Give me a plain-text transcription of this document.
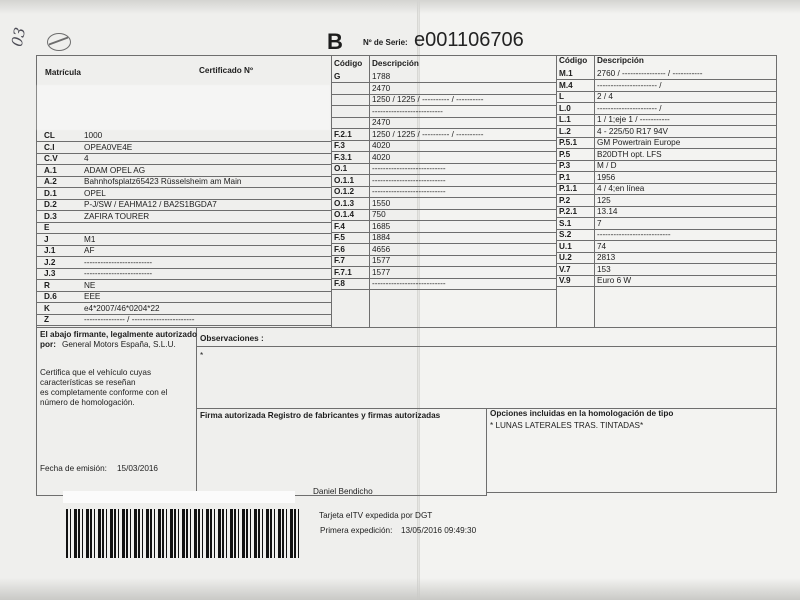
03	B	Nº de Serie: e001106706
Matrícula	Certificado Nº
CL	1000
C.I	OPEA0VE4E
C.V	4
A.1	ADAM OPEL AG
A.2	Bahnhofsplatz65423 Rüsselsheim am Main
D.1	OPEL
D.2	P-J/SW / EAHMA12 / BA2S1BGDA7
D.3	ZAFIRA TOURER
E
J	M1
J.1	AF
J.2	-------------------------
J.3	-------------------------
R	NE
D.6	EEE
K	e4*2007/46*0204*22
Z	--------------- / -----------------------
Código Descripción
G	1788
2470
1250 / 1225 / ---------- / ----------
--------------------------
2470
F.2.1 1250 / 1225 / ---------- / ----------
F.3	4020
F.3.1 4020
O.1	---------------------------
O.1.1 ---------------------------
O.1.2 ---------------------------
O.1.3 1550
O.1.4 750
F.4	1685
F.5	1884
F.6	4656
F.7	1577
F.7.1 1577
F.8	---------------------------
Código Descripción
M.1	2760 / ---------------- / -----------
M.4	---------------------- /
L	2 / 4
L.0	---------------------- /
L.1	1 / 1;eje 1 / -----------
L.2	4 - 225/50 R17 94V
P.5.1 GM Powertrain Europe
P.5	B20DTH opt. LFS
P.3	M / D
P.1	1956
P.1.1 4 / 4;en línea
P.2	125
P.2.1 13.14
S.1	7
S.2	---------------------------
U.1	74
U.2	2813
V.7	153
V.9	Euro 6 W
El abajo firmante, legalmente autorizado
por: General Motors España, S.L.U.
Certifica que el vehículo cuyas
características se reseñan
es completamente conforme con el
número de homologación.
Fecha de emisión: 15/03/2016
Observaciones :
*
Firma autorizada Registro de fabricantes y firmas autorizadas
Daniel Bendicho
Opciones incluidas en la homologación de tipo
* LUNAS LATERALES TRAS. TINTADAS*
Tarjeta eITV expedida por DGT
Primera expedición: 13/05/2016 09:49:30
